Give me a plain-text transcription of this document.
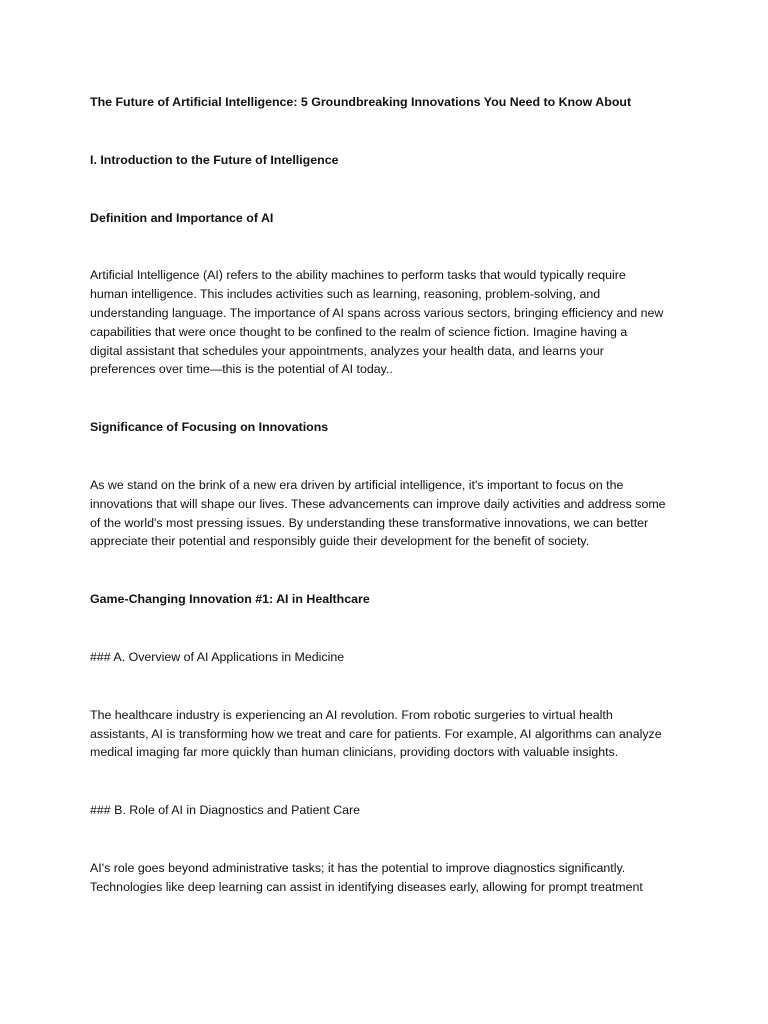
The Future of Artificial Intelligence: 5 Groundbreaking Innovations You Need to Know About
I. Introduction to the Future of Intelligence
Definition and Importance of AI
Artificial Intelligence (AI) refers to the ability machines to perform tasks that would typically require
human intelligence. This includes activities such as learning, reasoning, problem-solving, and
understanding language. The importance of AI spans across various sectors, bringing efficiency and new
capabilities that were once thought to be confined to the realm of science fiction. Imagine having a
digital assistant that schedules your appointments, analyzes your health data, and learns your
preferences over time—this is the potential of AI today..
Significance of Focusing on Innovations
As we stand on the brink of a new era driven by artificial intelligence, it's important to focus on the
innovations that will shape our lives. These advancements can improve daily activities and address some
of the world's most pressing issues. By understanding these transformative innovations, we can better
appreciate their potential and responsibly guide their development for the benefit of society.
Game-Changing Innovation #1: AI in Healthcare
### A. Overview of AI Applications in Medicine
The healthcare industry is experiencing an AI revolution. From robotic surgeries to virtual health
assistants, AI is transforming how we treat and care for patients. For example, AI algorithms can analyze
medical imaging far more quickly than human clinicians, providing doctors with valuable insights.
### B. Role of AI in Diagnostics and Patient Care
AI's role goes beyond administrative tasks; it has the potential to improve diagnostics significantly.
Technologies like deep learning can assist in identifying diseases early, allowing for prompt treatment
